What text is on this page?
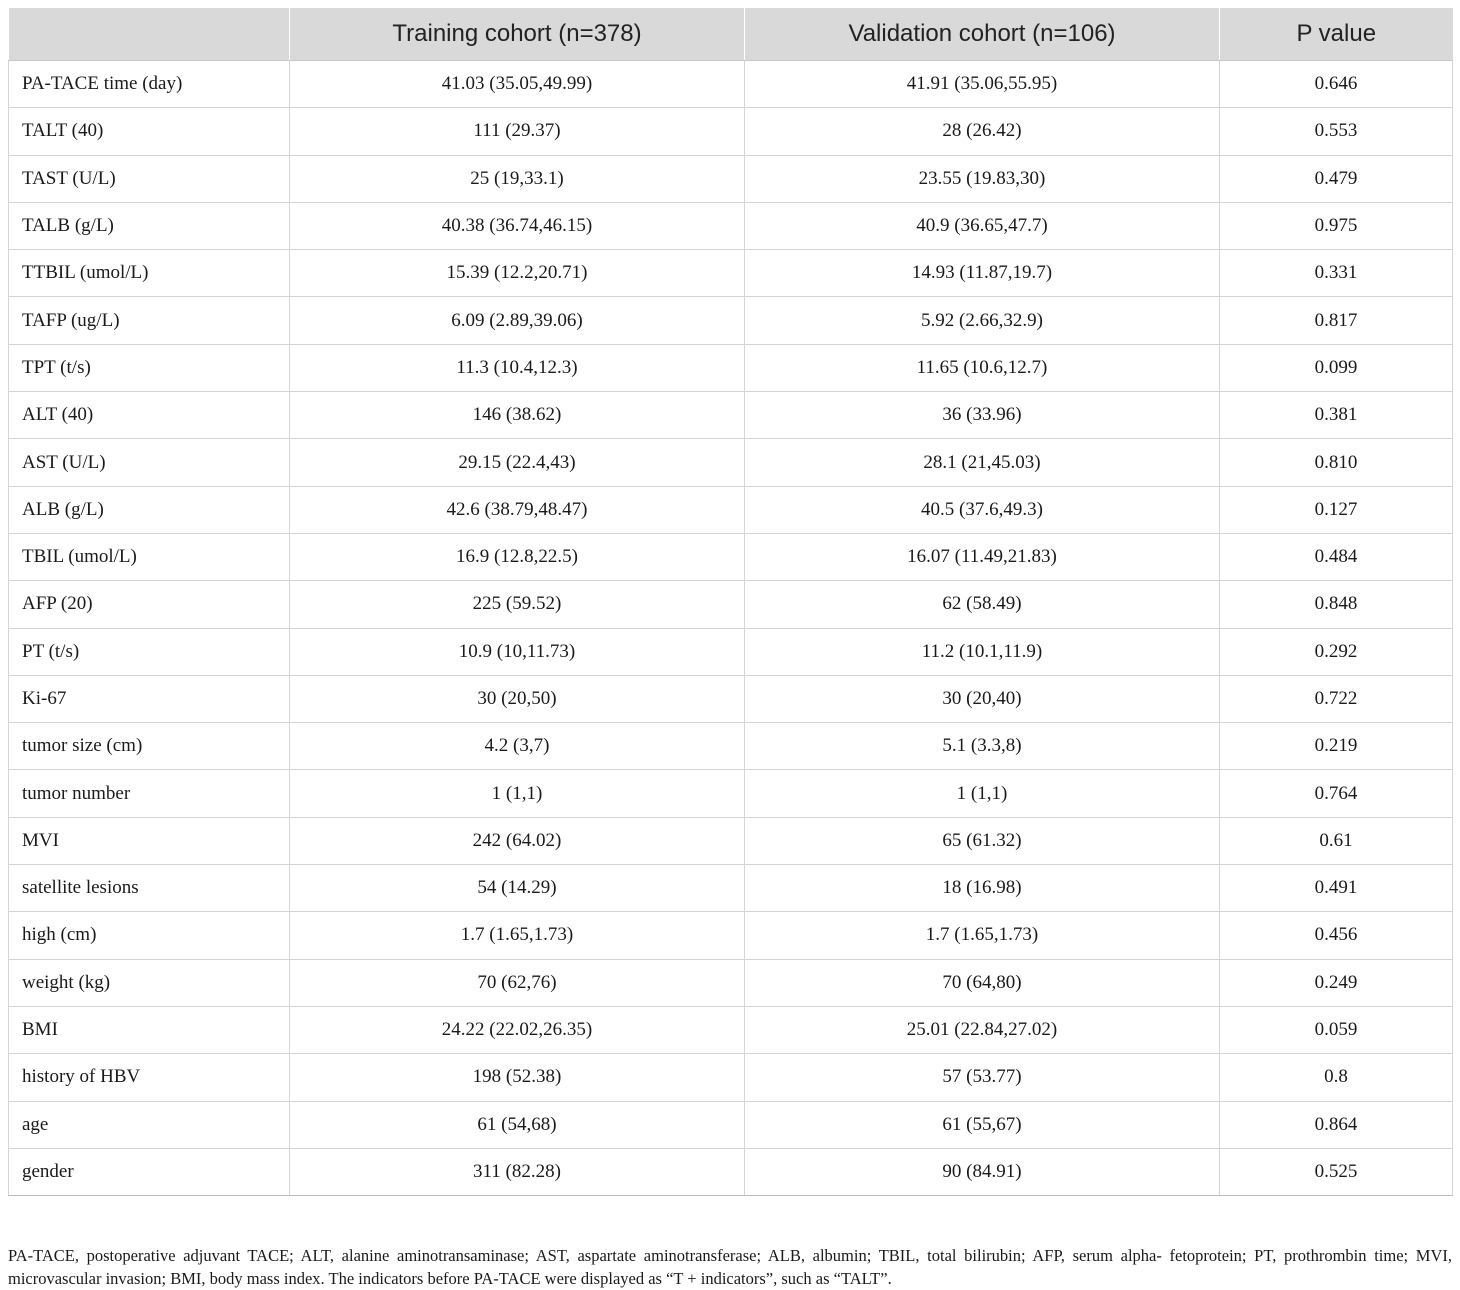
	Training cohort (n=378)	Validation cohort (n=106)	P value
PA-TACE time (day)	41.03 (35.05,49.99)	41.91 (35.06,55.95)	0.646
TALT (40)	111 (29.37)	28 (26.42)	0.553
TAST (U/L)	25 (19,33.1)	23.55 (19.83,30)	0.479
TALB (g/L)	40.38 (36.74,46.15)	40.9 (36.65,47.7)	0.975
TTBIL (umol/L)	15.39 (12.2,20.71)	14.93 (11.87,19.7)	0.331
TAFP (ug/L)	6.09 (2.89,39.06)	5.92 (2.66,32.9)	0.817
TPT (t/s)	11.3 (10.4,12.3)	11.65 (10.6,12.7)	0.099
ALT (40)	146 (38.62)	36 (33.96)	0.381
AST (U/L)	29.15 (22.4,43)	28.1 (21,45.03)	0.810
ALB (g/L)	42.6 (38.79,48.47)	40.5 (37.6,49.3)	0.127
TBIL (umol/L)	16.9 (12.8,22.5)	16.07 (11.49,21.83)	0.484
AFP (20)	225 (59.52)	62 (58.49)	0.848
PT (t/s)	10.9 (10,11.73)	11.2 (10.1,11.9)	0.292
Ki-67	30 (20,50)	30 (20,40)	0.722
tumor size (cm)	4.2 (3,7)	5.1 (3.3,8)	0.219
tumor number	1 (1,1)	1 (1,1)	0.764
MVI	242 (64.02)	65 (61.32)	0.61
satellite lesions	54 (14.29)	18 (16.98)	0.491
high (cm)	1.7 (1.65,1.73)	1.7 (1.65,1.73)	0.456
weight (kg)	70 (62,76)	70 (64,80)	0.249
BMI	24.22 (22.02,26.35)	25.01 (22.84,27.02)	0.059
history of HBV	198 (52.38)	57 (53.77)	0.8
age	61 (54,68)	61 (55,67)	0.864
gender	311 (82.28)	90 (84.91)	0.525

PA-TACE, postoperative adjuvant TACE; ALT, alanine aminotransaminase; AST, aspartate aminotransferase; ALB, albumin; TBIL, total bilirubin; AFP, serum alpha- fetoprotein; PT, prothrombin time; MVI, microvascular invasion; BMI, body mass index. The indicators before PA-TACE were displayed as “T + indicators”, such as “TALT”.
